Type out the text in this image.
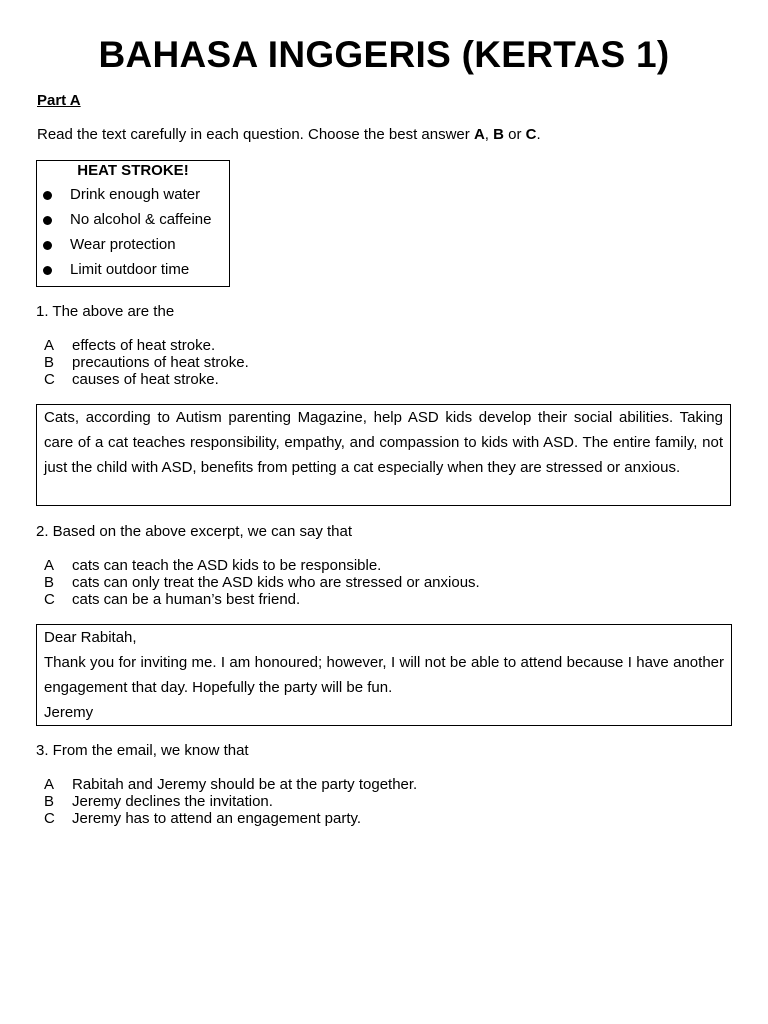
BAHASA INGGERIS (KERTAS 1)
Part A
Read the text carefully in each question. Choose the best answer A, B or C.
HEAT STROKE!
Drink enough water
No alcohol & caffeine
Wear protection
Limit outdoor time
1. The above are the
A effects of heat stroke.
B precautions of heat stroke.
C causes of heat stroke.
Cats, according to Autism parenting Magazine, help ASD kids develop their social abilities. Taking care of a cat teaches responsibility, empathy, and compassion to kids with ASD. The entire family, not just the child with ASD, benefits from petting a cat especially when they are stressed or anxious.
2. Based on the above excerpt, we can say that
A cats can teach the ASD kids to be responsible.
B cats can only treat the ASD kids who are stressed or anxious.
C cats can be a human’s best friend.
Dear Rabitah,
Thank you for inviting me. I am honoured; however, I will not be able to attend because I have another engagement that day. Hopefully the party will be fun.
Jeremy
3. From the email, we know that
A Rabitah and Jeremy should be at the party together.
B Jeremy declines the invitation.
C Jeremy has to attend an engagement party.
